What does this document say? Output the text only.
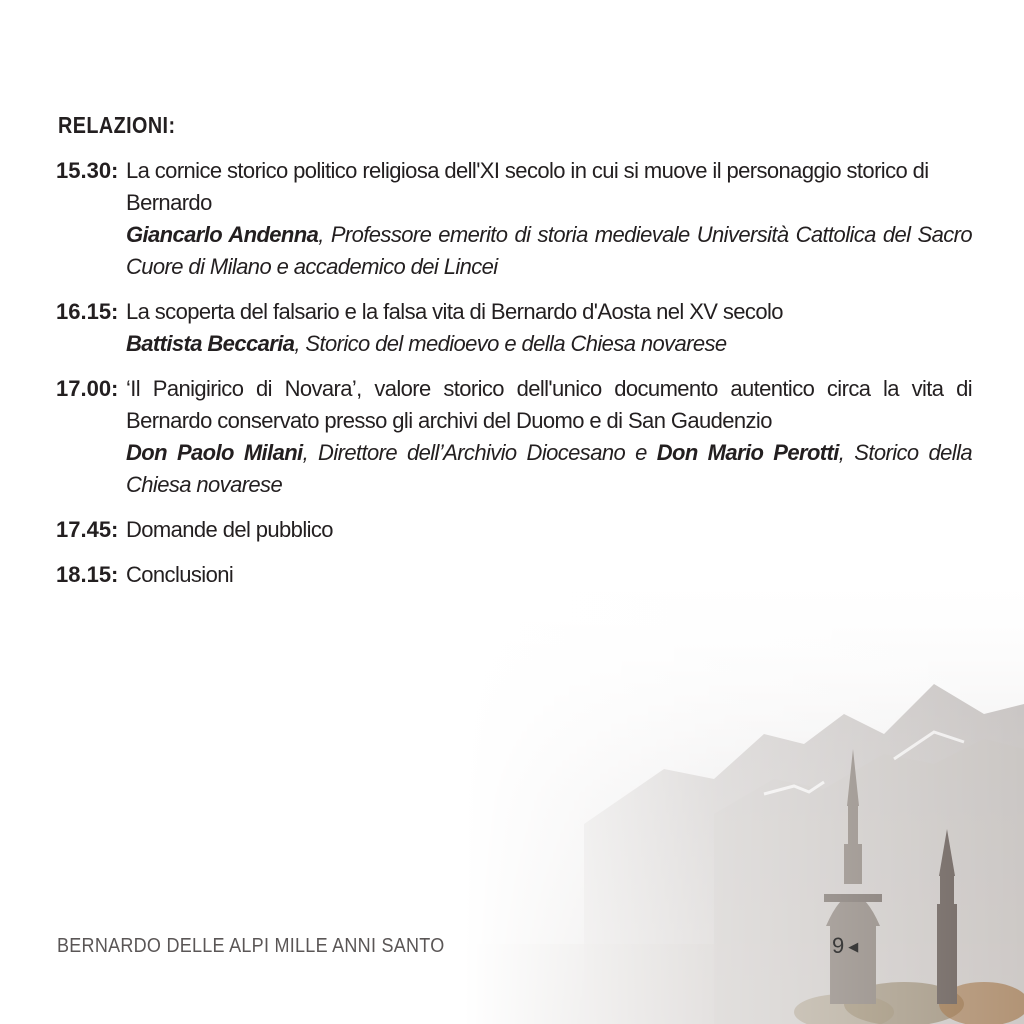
RELAZIONI:
15.30: La cornice storico politico religiosa dell'XI secolo in cui si muove il personaggio storico di Bernardo
Giancarlo Andenna, Professore emerito di storia medievale Università Cattolica del Sacro Cuore di Milano e accademico dei Lincei
16.15: La scoperta del falsario e la falsa vita di Bernardo d'Aosta nel XV secolo
Battista Beccaria, Storico del medioevo e della Chiesa novarese
17.00: ‘Il Panigirico di Novara’, valore storico dell'unico documento autentico circa la vita di Bernardo conservato presso gli archivi del Duomo e di San Gaudenzio
Don Paolo Milani, Direttore dell’Archivio Diocesano e Don Mario Perotti, Storico della Chiesa novarese
17.45: Domande del pubblico
18.15: Conclusioni
BERNARDO DELLE ALPI MILLE ANNI SANTO	9 ◀
